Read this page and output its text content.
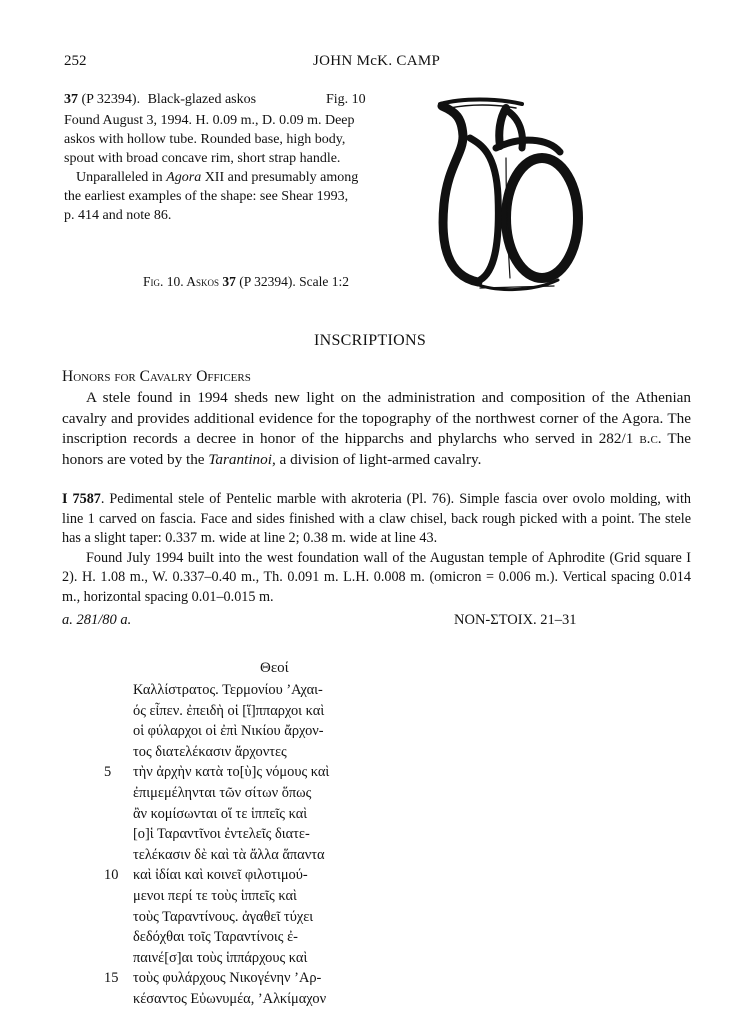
252	JOHN McK. CAMP
37 (P 32394). Black-glazed askos	Fig. 10
Found August 3, 1994. H. 0.09 m., D. 0.09 m. Deep
askos with hollow tube. Rounded base, high body,
spout with broad concave rim, short strap handle.
Unparalleled in Agora XII and presumably among
the earliest examples of the shape: see Shear 1993,
p. 414 and note 86.
Fig. 10. Askos 37 (P 32394). Scale 1:2
INSCRIPTIONS
Honors for Cavalry Officers

A stele found in 1994 sheds new light on the administration and composition of the Athenian cavalry and provides additional evidence for the topography of the northwest corner of the Agora. The inscription records a decree in honor of the hipparchs and phylarchs who served in 282/1 b.c. The honors are voted by the Tarantinoi, a division of light-armed cavalry.

I 7587. Pedimental stele of Pentelic marble with akroteria (Pl. 76). Simple fascia over ovolo molding, with line 1 carved on fascia. Face and sides finished with a claw chisel, back rough picked with a point. The stele has a slight taper: 0.337 m. wide at line 2; 0.38 m. wide at line 43.

Found July 1994 built into the west foundation wall of the Augustan temple of Aphrodite (Grid square I 2). H. 1.08 m., W. 0.337–0.40 m., Th. 0.091 m. L.H. 0.008 m. (omicron = 0.006 m.). Vertical spacing 0.014 m., horizontal spacing 0.01–0.015 m.

a. 281/80 a.	NON-ΣTOIX. 21–31
Θεοί
Καλλίστρατος. Τερμονίου ’Αχαι-
ός εἶπεν. ἐπειδὴ οἱ [ἵ]ππαρχοι καὶ
οἱ φύλαρχοι οἱ ἐπὶ Νικίου ἄρχον-
τος διατελέκασιν ἄρχοντες
τὴν ἀρχὴν κατὰ το[ὺ]ς νόμους καὶ
ἐπιμεμέληνται τῶν σίτων ὅπως
ἂν κομίσωνται οἵ τε ἱππεῖς καὶ
[ο]ἱ Ταραντῖνοι ἐντελεῖς διατε-
τελέκασιν δὲ καὶ τὰ ἄλλα ἅπαντα
καὶ ἰδίαι καὶ κοινεῖ φιλοτιμού-
μενοι περί τε τοὺς ἱππεῖς καὶ
τοὺς Ταραντίνους. ἀγαθεῖ τύχει
δεδόχθαι τοῖς Ταραντίνοις ἐ-
παινέ[σ]αι τοὺς ἱππάρχους καὶ
τοὺς φυλάρχους Νικογένην ’Αρ-
κέσαντος Εὐωνυμέα, ’Αλκίμαχον
5
10
15
